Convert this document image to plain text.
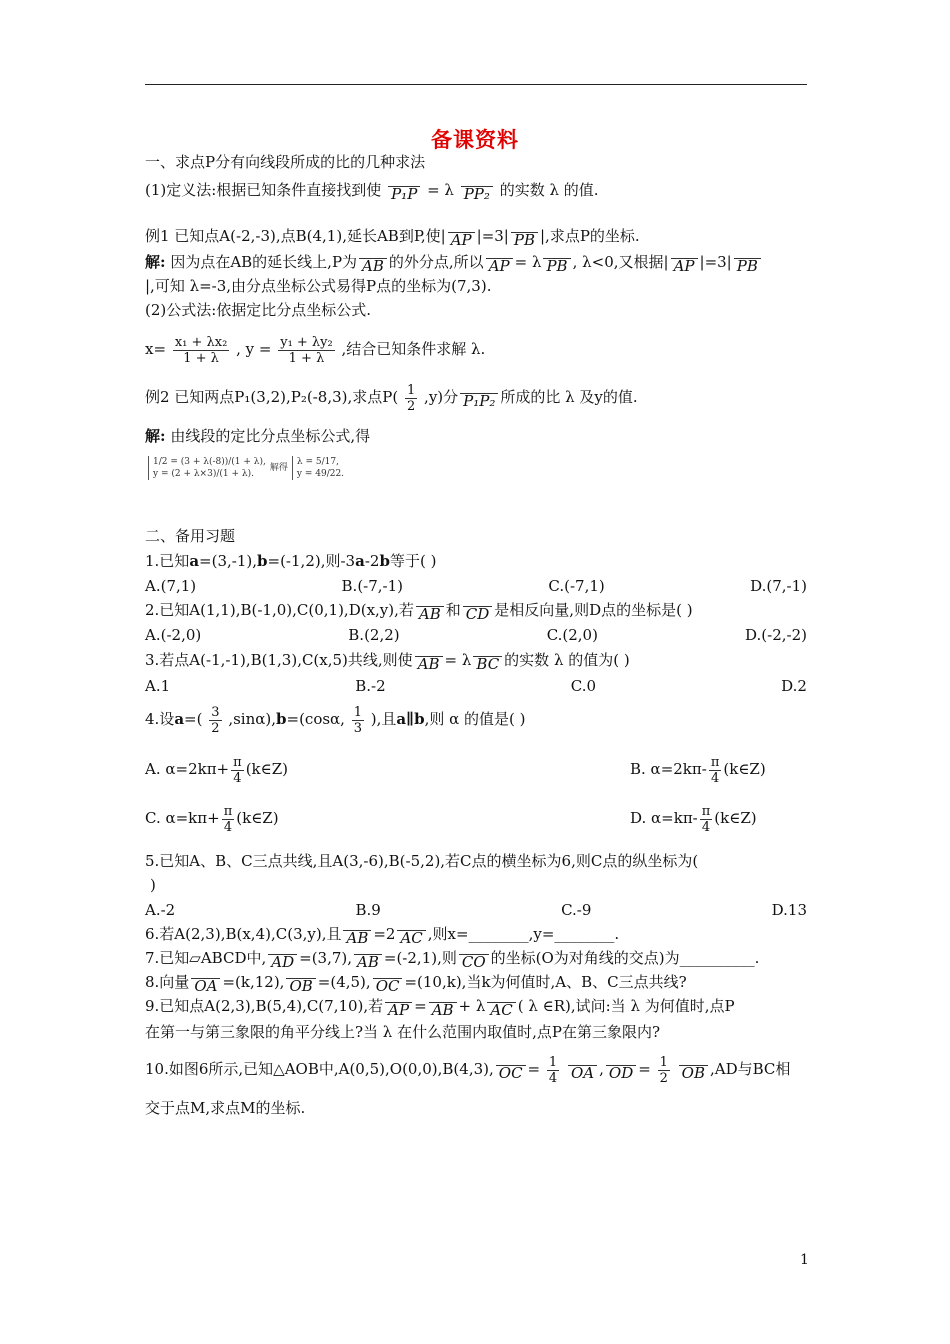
备课资料
一、求点P分有向线段所成的比的几种求法
(1)定义法:根据已知条件直接找到使 P₁P = λ PP₂ 的实数 λ 的值.
例1 已知点A(-2,-3),点B(4,1),延长AB到P,使| AP |=3| PB |,求点P的坐标.
解: 因为点在AB的延长线上,P为 AB 的外分点,所以 AP = λ PB , λ<0,又根据| AP |=3| PB
|,可知 λ=-3,由分点坐标公式易得P点的坐标为(7,3).
(2)公式法:依据定比分点坐标公式.
$x= \frac{\text{x₁ + λx₂}}{1 + \lambda}$ , $y = \frac{\text{y₁ + λy₂}}{1 + \lambda}$ ,结合已知条件求解 λ.
例2 已知两点P₁(3,2),P₂(-8,3),求点$P( \frac{1}{2} ,y)$分 P₁P₂ 所成的比 λ 及y的值.
解: 由线段的定比分点坐标公式,得
1/2 = (3 + λ(-8))/(1 + λ),
y = (2 + λ×3)/(1 + λ).
解得
λ = 5/17,
y = 49/22.
二、备用习题
1.已知a=(3,-1),b=(-1,2),则-3a-2b等于( )
A.(7,1)	B.(-7,-1)	C.(-7,1)	D.(7,-1)
2.已知A(1,1),B(-1,0),C(0,1),D(x,y),若 AB 和 CD 是相反向量,则D点的坐标是( )
A.(-2,0)	B.(2,2)	C.(2,0)	D.(-2,-2)
3.若点A(-1,-1),B(1,3),C(x,5)共线,则使 AB = λ BC 的实数 λ 的值为( )
A.1	B.-2	C.0	D.2
4.设$a=( \frac{3}{2} ,\sin\alpha),b=(\cos\alpha$, $\frac{1}{3}$ ),且a∥b,则 α 的值是( )
A. $\alpha=2k\pi+ \frac{\pi}{4}$ (k∈Z)	B. $\alpha=2k\pi- \frac{\pi}{4}$ (k∈Z)
C. $\alpha=k\pi+ \frac{\pi}{4}$ (k∈Z)	D. $\alpha=k\pi- \frac{\pi}{4}$ (k∈Z)
5.已知A、B、C三点共线,且A(3,-6),B(-5,2),若C点的横坐标为6,则C点的纵坐标为(
)
A.-2	B.9	C.-9	D.13
6.若A(2,3),B(x,4),C(3,y),且 AB =2 AC ,则x=________,y=________.
7.已知▱ABCD中, AD =(3,7), AB =(-2,1),则 CO 的坐标(O为对角线的交点)为__________.
8.向量 OA =(k,12), OB =(4,5), OC =(10,k),当k为何值时,A、B、C三点共线?
9.已知点A(2,3),B(5,4),C(7,10),若 AP = AB + λ AC ( λ ∈R),试问:当 λ 为何值时,点P
在第一与第三象限的角平分线上?当 λ 在什么范围内取值时,点P在第三象限内?
10.如图6所示,已知△AOB中,A(0,5),O(0,0),B(4,3), OC = $\frac{1}{4}$ OA , OD = $\frac{1}{2}$ OB ,AD与BC相
交于点M,求点M的坐标.
1
